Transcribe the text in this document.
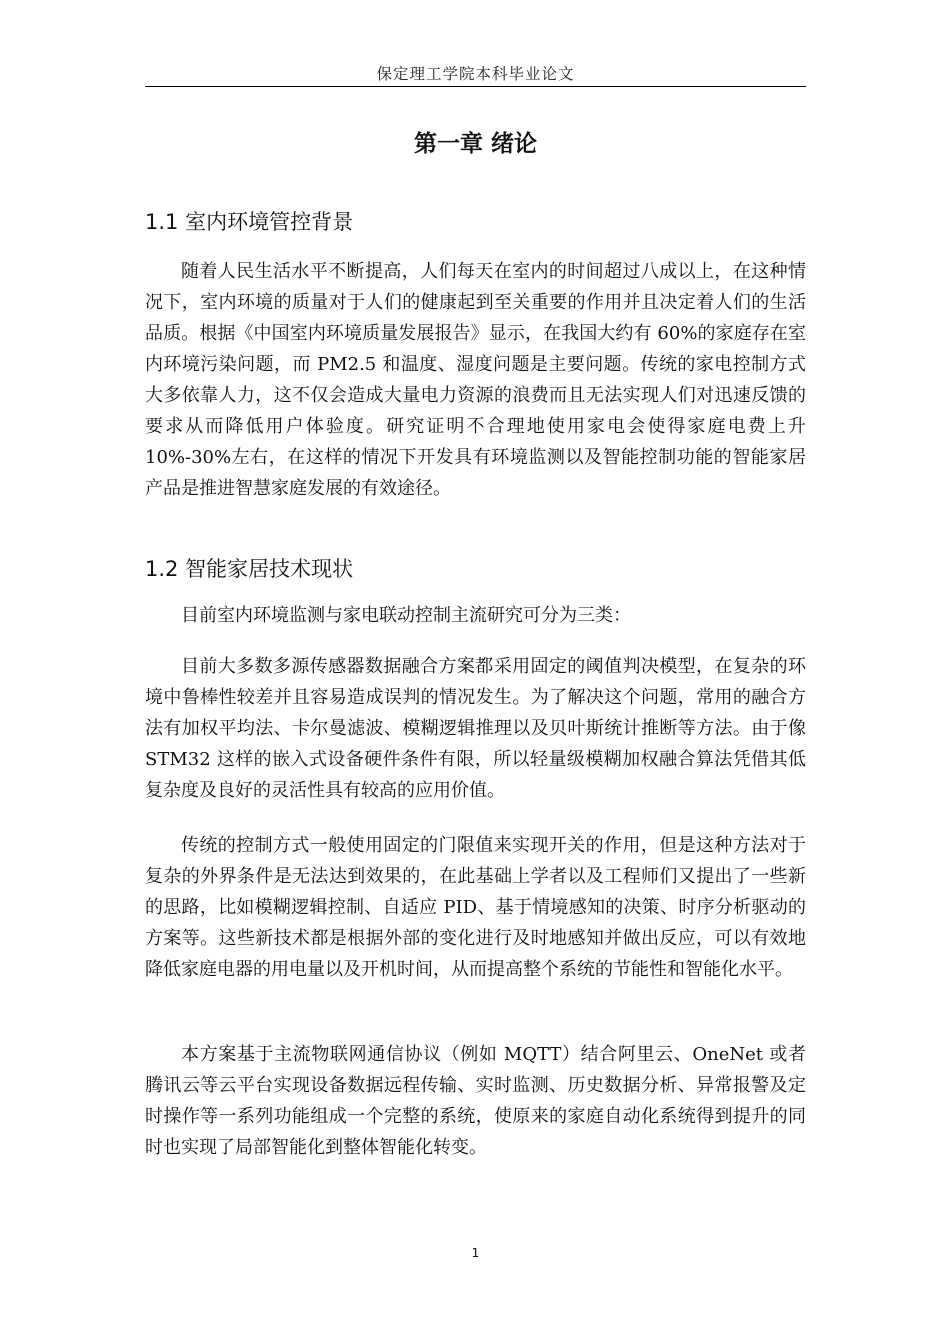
保定理工学院本科毕业论文
第一章 绪论
1.1 室内环境管控背景

随着人民生活水平不断提高，人们每天在室内的时间超过八成以上，在这种情况下，室内环境的质量对于人们的健康起到至关重要的作用并且决定着人们的生活品质。根据《中国室内环境质量发展报告》显示，在我国大约有 60%的家庭存在室内环境污染问题，而 PM2.5 和温度、湿度问题是主要问题。传统的家电控制方式大多依靠人力，这不仅会造成大量电力资源的浪费而且无法实现人们对迅速反馈的要求从而降低用户体验度。研究证明不合理地使用家电会使得家庭电费上升 10%-30%左右，在这样的情况下开发具有环境监测以及智能控制功能的智能家居产品是推进智慧家庭发展的有效途径。

1.2 智能家居技术现状

目前室内环境监测与家电联动控制主流研究可分为三类：

目前大多数多源传感器数据融合方案都采用固定的阈值判决模型，在复杂的环境中鲁棒性较差并且容易造成误判的情况发生。为了解决这个问题，常用的融合方法有加权平均法、卡尔曼滤波、模糊逻辑推理以及贝叶斯统计推断等方法。由于像 STM32 这样的嵌入式设备硬件条件有限，所以轻量级模糊加权融合算法凭借其低复杂度及良好的灵活性具有较高的应用价值。

传统的控制方式一般使用固定的门限值来实现开关的作用，但是这种方法对于复杂的外界条件是无法达到效果的，在此基础上学者以及工程师们又提出了一些新的思路，比如模糊逻辑控制、自适应 PID、基于情境感知的决策、时序分析驱动的方案等。这些新技术都是根据外部的变化进行及时地感知并做出反应，可以有效地降低家庭电器的用电量以及开机时间，从而提高整个系统的节能性和智能化水平。

本方案基于主流物联网通信协议（例如 MQTT）结合阿里云、OneNet 或者腾讯云等云平台实现设备数据远程传输、实时监测、历史数据分析、异常报警及定时操作等一系列功能组成一个完整的系统，使原来的家庭自动化系统得到提升的同时也实现了局部智能化到整体智能化转变。

1
